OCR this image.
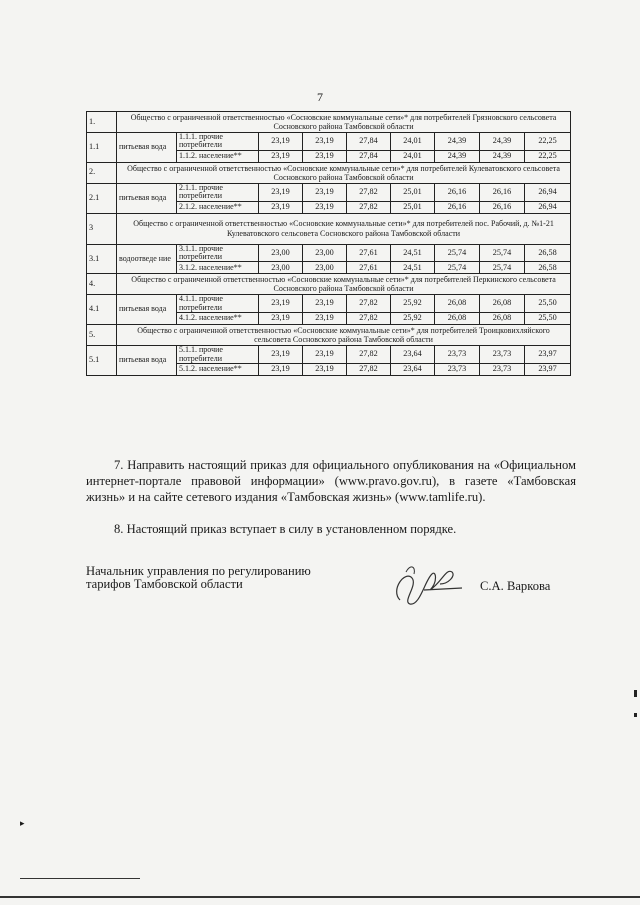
7
1.	Общество с ограниченной ответственностью «Сосновские коммунальные сети»* для потребителей Грязновского сельсовета Сосновского района Тамбовской области								
1.1	питьевая вода	1.1.1. прочие потребители	23,19	23,19	27,84	24,01	24,39	24,39	22,25
		1.1.2. население**	23,19	23,19	27,84	24,01	24,39	24,39	22,25
2.	Общество с ограниченной ответственностью «Сосновские коммунальные сети»* для потребителей Кулеватовского сельсовета Сосновского района Тамбовской области								
2.1	питьевая вода	2.1.1. прочие потребители	23,19	23,19	27,82	25,01	26,16	26,16	26,94
		2.1.2. население**	23,19	23,19	27,82	25,01	26,16	26,16	26,94
3	Общество с ограниченной ответственностью «Сосновские коммунальные сети»* для потребителей пос. Рабочий, д. №1-21 Кулеватовского сельсовета Сосновского района Тамбовской области								
3.1	водоотведе ние	3.1.1. прочие потребители	23,00	23,00	27,61	24,51	25,74	25,74	26,58
		3.1.2. население**	23,00	23,00	27,61	24,51	25,74	25,74	26,58
4.	Общество с ограниченной ответственностью «Сосновские коммунальные сети»* для потребителей Перкинского сельсовета Сосновского района Тамбовской области								
4.1	питьевая вода	4.1.1. прочие потребители	23,19	23,19	27,82	25,92	26,08	26,08	25,50
		4.1.2. население**	23,19	23,19	27,82	25,92	26,08	26,08	25,50
5.	Общество с ограниченной ответственностью «Сосновские коммунальные сети»* для потребителей Троицковихляйского сельсовета Сосновского района Тамбовской области								
5.1	питьевая вода	5.1.1. прочие потребители	23,19	23,19	27,82	23,64	23,73	23,73	23,97
		5.1.2. население**	23,19	23,19	27,82	23,64	23,73	23,73	23,97

7. Направить настоящий приказ для официального опубликования на «Официальном интернет-портале правовой информации» (www.pravo.gov.ru), в газете «Тамбовская жизнь» и на сайте сетевого издания «Тамбовская жизнь» (www.tamlife.ru).

8. Настоящий приказ вступает в силу в установленном порядке.

Начальник управления по регулированию
тарифов Тамбовской области	С.А. Варкова
▸
